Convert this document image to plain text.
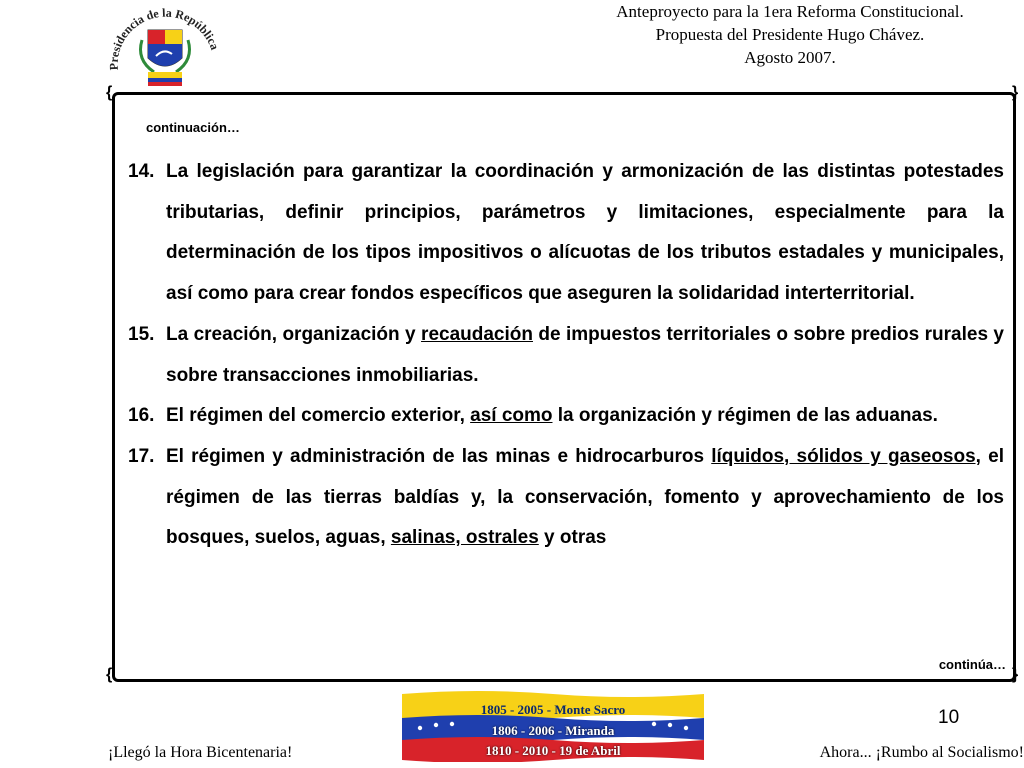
Presidencia de la República
Anteproyecto para la 1era Reforma Constitucional.
Propuesta del Presidente Hugo Chávez.
Agosto 2007.
{	}
{	}
continuación…
14. La legislación para garantizar la coordinación y armonización de las distintas potestades tributarias, definir principios, parámetros y limitaciones, especialmente para la determinación de los tipos impositivos o alícuotas de los tributos estadales y municipales, así como para crear fondos específicos que aseguren la solidaridad interterritorial.
15. La creación, organización y recaudación de impuestos territoriales o sobre predios rurales y sobre transacciones inmobiliarias.
16. El régimen del comercio exterior, así como la organización y régimen de las aduanas.
17. El régimen y administración de las minas e hidrocarburos líquidos, sólidos y gaseosos, el régimen de las tierras baldías y, la conservación, fomento y aprovechamiento de los bosques, suelos, aguas, salinas, ostrales y otras
continúa…
10
1805 - 2005 - Monte Sacro
1806 - 2006 - Miranda
1810 - 2010 - 19 de Abril
¡Llegó la Hora Bicentenaria!	Ahora... ¡Rumbo al Socialismo!
